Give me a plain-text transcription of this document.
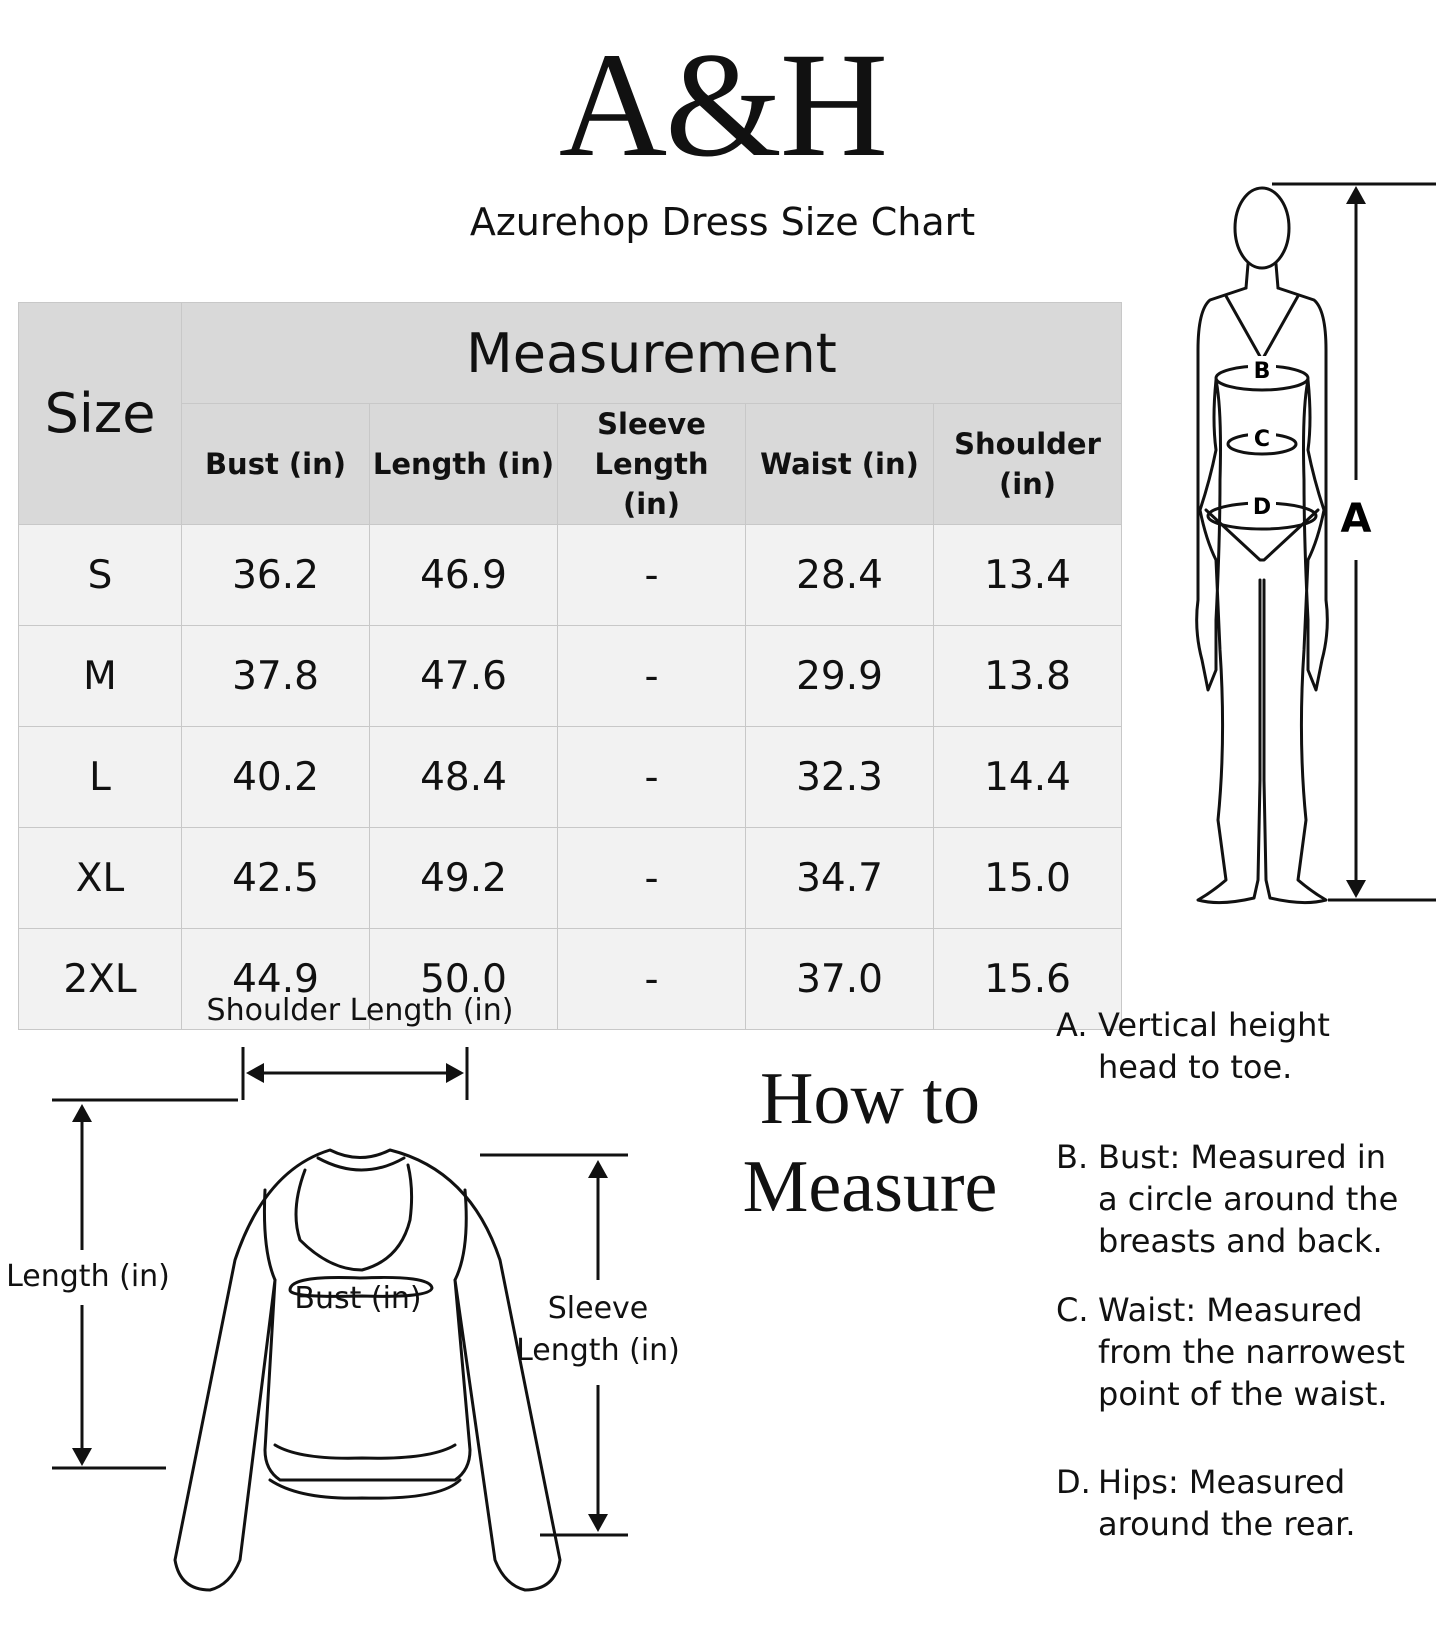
A&H
Azurehop Dress Size Chart
Size	Measurement				
	Bust (in)	Length (in)	Sleeve Length (in)	Waist (in)	Shoulder (in)
S	36.2	46.9	-	28.4	13.4
M	37.8	47.6	-	29.9	13.8
L	40.2	48.4	-	32.3	14.4
XL	42.5	49.2	-	34.7	15.0
2XL	44.9	50.0	-	37.0	15.6
B
C
D A
Shoulder Length (in)
Length (in)
Bust (in)	Sleeve
Length (in)
How to
Measure
A. Vertical height
head to toe.
B. Bust: Measured in
a circle around the
breasts and back.
C. Waist: Measured
from the narrowest
point of the waist.
D. Hips: Measured
around the rear.
